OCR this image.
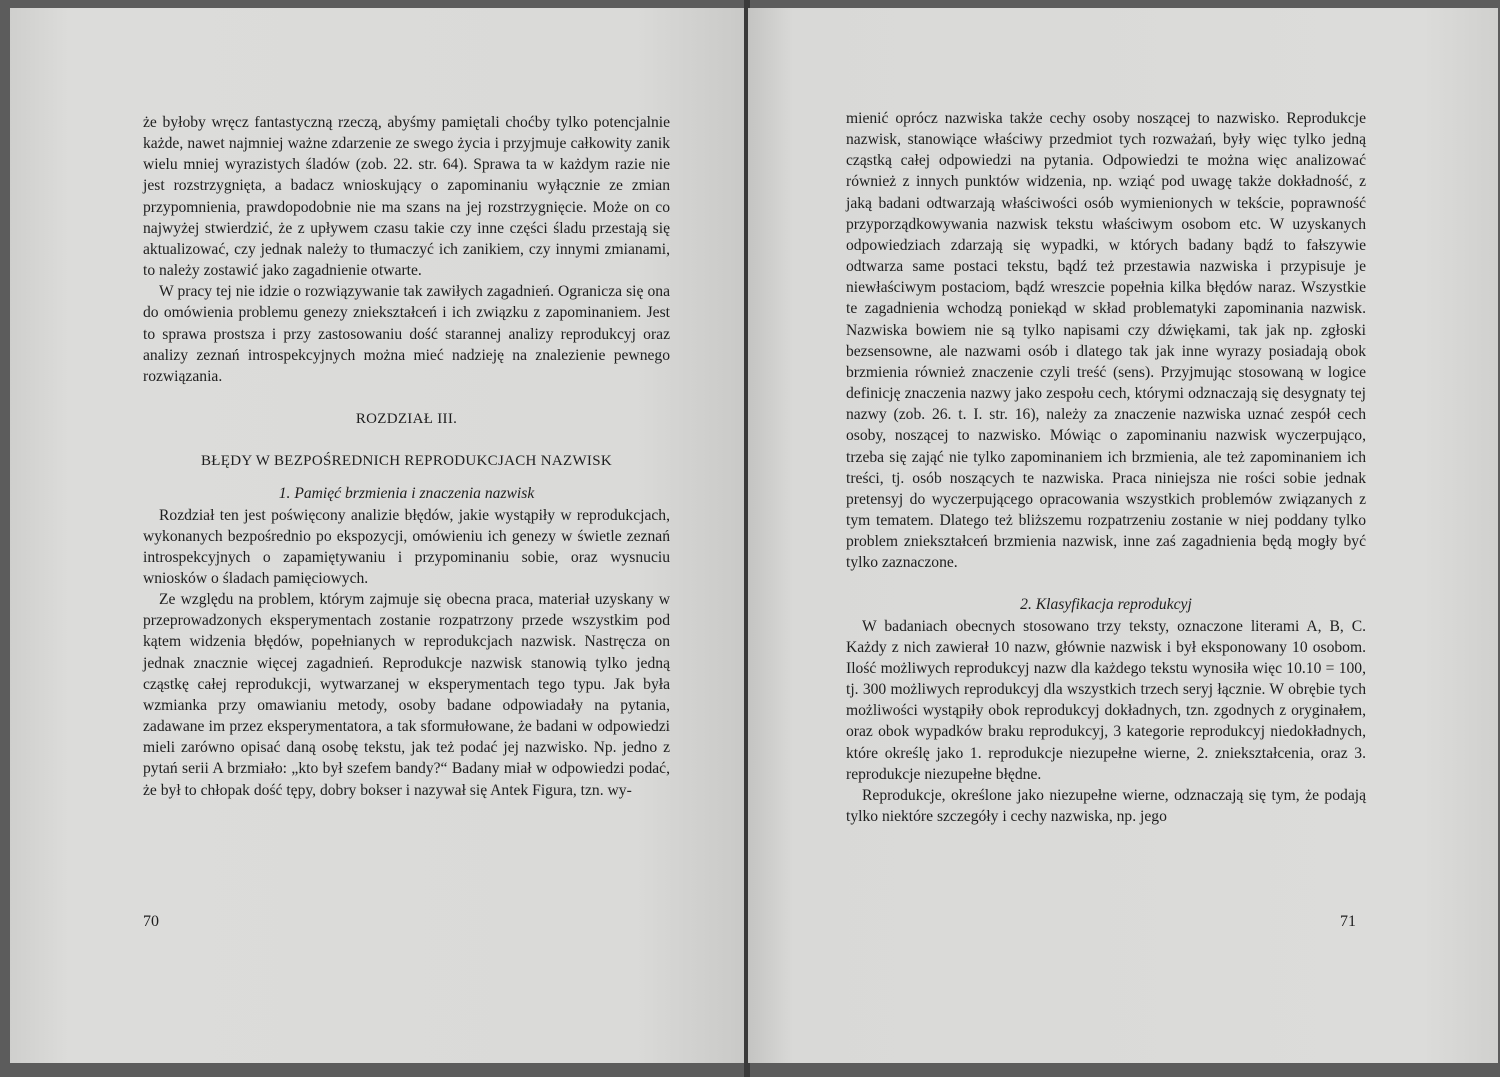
że byłoby wręcz fantastyczną rzeczą, abyśmy pamiętali choćby tylko potencjalnie każde, nawet najmniej ważne zdarzenie ze swego życia i przyjmuje całkowity zanik wielu mniej wyrazistych śladów (zob. 22. str. 64). Sprawa ta w każdym razie nie jest rozstrzygnięta, a badacz wnioskujący o zapominaniu wyłącznie ze zmian przypomnienia, prawdopodobnie nie ma szans na jej rozstrzygnięcie. Może on co najwyżej stwierdzić, że z upływem czasu takie czy inne części śladu przestają się aktualizować, czy jednak należy to tłumaczyć ich zanikiem, czy innymi zmianami, to należy zostawić jako zagadnienie otwarte.

W pracy tej nie idzie o rozwiązywanie tak zawiłych zagadnień. Ogranicza się ona do omówienia problemu genezy zniekształceń i ich związku z zapominaniem. Jest to sprawa prostsza i przy zastosowaniu dość starannej analizy reprodukcyj oraz analizy zeznań introspekcyjnych można mieć nadzieję na znalezienie pewnego rozwiązania.

ROZDZIAŁ III.

BŁĘDY W BEZPOŚREDNICH REPRODUKCJACH NAZWISK

1. Pamięć brzmienia i znaczenia nazwisk

Rozdział ten jest poświęcony analizie błędów, jakie wystąpiły w reprodukcjach, wykonanych bezpośrednio po ekspozycji, omówieniu ich genezy w świetle zeznań introspekcyjnych o zapamiętywaniu i przypominaniu sobie, oraz wysnuciu wniosków o śladach pamięciowych.

Ze względu na problem, którym zajmuje się obecna praca, materiał uzyskany w przeprowadzonych eksperymentach zostanie rozpatrzony przede wszystkim pod kątem widzenia błędów, popełnianych w reprodukcjach nazwisk. Nastręcza on jednak znacznie więcej zagadnień. Reprodukcje nazwisk stanowią tylko jedną cząstkę całej reprodukcji, wytwarzanej w eksperymentach tego typu. Jak była wzmianka przy omawianiu metody, osoby badane odpowiadały na pytania, zadawane im przez eksperymentatora, a tak sformułowane, że badani w odpowiedzi mieli zarówno opisać daną osobę tekstu, jak też podać jej nazwisko. Np. jedno z pytań serii A brzmiało: „kto był szefem bandy?“ Badany miał w odpowiedzi podać, że był to chłopak dość tępy, dobry bokser i nazywał się Antek Figura, tzn. wy-

70

mienić oprócz nazwiska także cechy osoby noszącej to nazwisko. Reprodukcje nazwisk, stanowiące właściwy przedmiot tych rozważań, były więc tylko jedną cząstką całej odpowiedzi na pytania. Odpowiedzi te można więc analizować również z innych punktów widzenia, np. wziąć pod uwagę także dokładność, z jaką badani odtwarzają właściwości osób wymienionych w tekście, poprawność przyporządkowywania nazwisk tekstu właściwym osobom etc. W uzyskanych odpowiedziach zdarzają się wypadki, w których badany bądź to fałszywie odtwarza same postaci tekstu, bądź też przestawia nazwiska i przypisuje je niewłaściwym postaciom, bądź wreszcie popełnia kilka błędów naraz. Wszystkie te zagadnienia wchodzą poniekąd w skład problematyki zapominania nazwisk. Nazwiska bowiem nie są tylko napisami czy dźwiękami, tak jak np. zgłoski bezsensowne, ale nazwami osób i dlatego tak jak inne wyrazy posiadają obok brzmienia również znaczenie czyli treść (sens). Przyjmując stosowaną w logice definicję znaczenia nazwy jako zespołu cech, którymi odznaczają się desygnaty tej nazwy (zob. 26. t. I. str. 16), należy za znaczenie nazwiska uznać zespół cech osoby, noszącej to nazwisko. Mówiąc o zapominaniu nazwisk wyczerpująco, trzeba się zająć nie tylko zapominaniem ich brzmienia, ale też zapominaniem ich treści, tj. osób noszących te nazwiska. Praca niniejsza nie rości sobie jednak pretensyj do wyczerpującego opracowania wszystkich problemów związanych z tym tematem. Dlatego też bliższemu rozpatrzeniu zostanie w niej poddany tylko problem zniekształceń brzmienia nazwisk, inne zaś zagadnienia będą mogły być tylko zaznaczone.

2. Klasyfikacja reprodukcyj

W badaniach obecnych stosowano trzy teksty, oznaczone literami A, B, C. Każdy z nich zawierał 10 nazw, głównie nazwisk i był eksponowany 10 osobom. Ilość możliwych reprodukcyj nazw dla każdego tekstu wynosiła więc 10.10 = 100, tj. 300 możliwych reprodukcyj dla wszystkich trzech seryj łącznie. W obrębie tych możliwości wystąpiły obok reprodukcyj dokładnych, tzn. zgodnych z oryginałem, oraz obok wypadków braku reprodukcyj, 3 kategorie reprodukcyj niedokładnych, które określę jako 1. reprodukcje niezupełne wierne, 2. zniekształcenia, oraz 3. reprodukcje niezupełne błędne.

Reprodukcje, określone jako niezupełne wierne, odznaczają się tym, że podają tylko niektóre szczegóły i cechy nazwiska, np. jego

71
